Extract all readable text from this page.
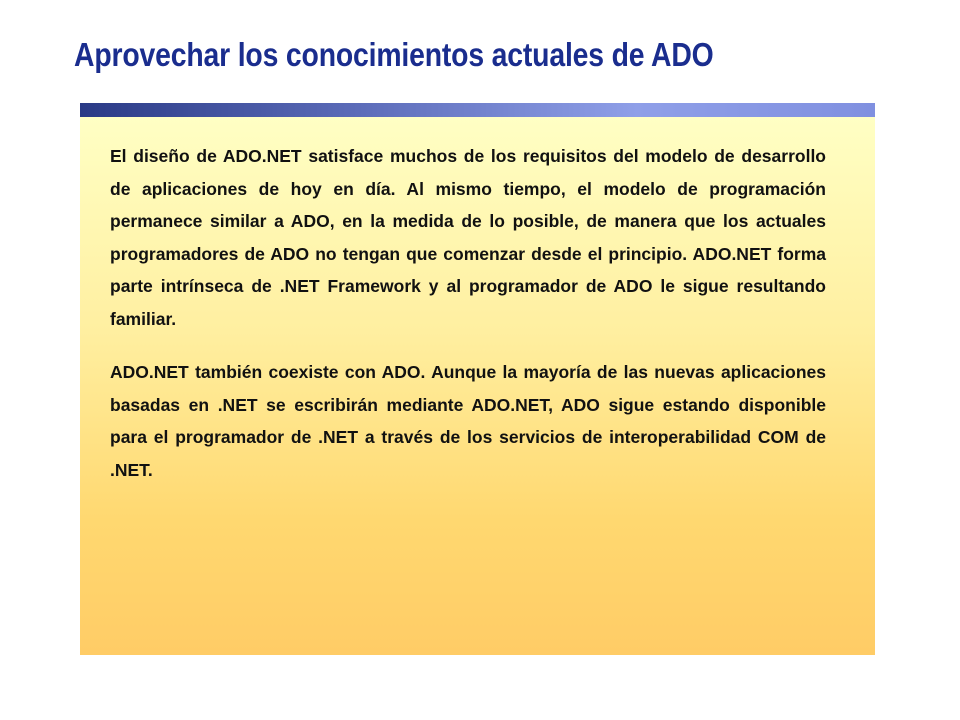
Aprovechar los conocimientos actuales de ADO

El diseño de ADO.NET satisface muchos de los requisitos del modelo de desarrollo de aplicaciones de hoy en día. Al mismo tiempo, el modelo de programación permanece similar a ADO, en la medida de lo posible, de manera que los actuales programadores de ADO no tengan que comenzar desde el principio. ADO.NET forma parte intrínseca de .NET Framework y al programador de ADO le sigue resultando familiar.

ADO.NET también coexiste con ADO. Aunque la mayoría de las nuevas aplicaciones basadas en .NET se escribirán mediante ADO.NET, ADO sigue estando disponible para el programador de .NET a través de los servicios de interoperabilidad COM de .NET.
